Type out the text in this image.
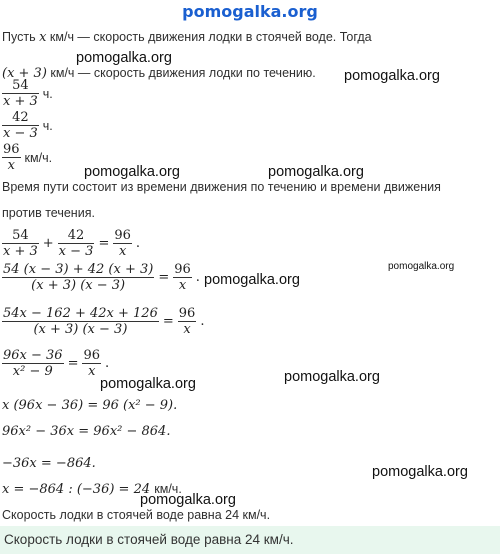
pomogalka.org
Пусть x км/ч — скорость движения лодки в стоячей воде. Тогда
(x + 3) км/ч — скорость движения лодки по течению.
$\frac{54}{x + 3} ч$.
$\frac{42}{x - 3} ч$.
$\frac{96}{x} км/ч$.
Время пути состоит из времени движения по течению и времени движения
против течения.
$\frac{54}{x + 3} + \frac{42}{x - 3} = \frac{96}{x}$ .
$\frac{54 (x - 3) + 42 (x + 3)}{(x + 3) (x - 3)} = \frac{96}{x}$ .
$\frac{54x - 162 + 42x + 126}{(x + 3) (x - 3)} = \frac{96}{x}$ .
$\frac{96x - 36}{\text{x² − 9}} = \frac{96}{x}$ .
x (96x − 36) = 96 (x² − 9).
96x² − 36x = 96x² − 864.
−36x = −864.
x = −864 : (−36) = 24 км/ч.
Скорость лодки в стоячей воде равна 24 км/ч.
Скорость лодки в стоячей воде равна 24 км/ч.
pomogalka.org
pomogalka.org
pomogalka.org	pomogalka.org
pomogalka.org
pomogalka.org
pomogalka.org	pomogalka.org
pomogalka.org
pomogalka.org
